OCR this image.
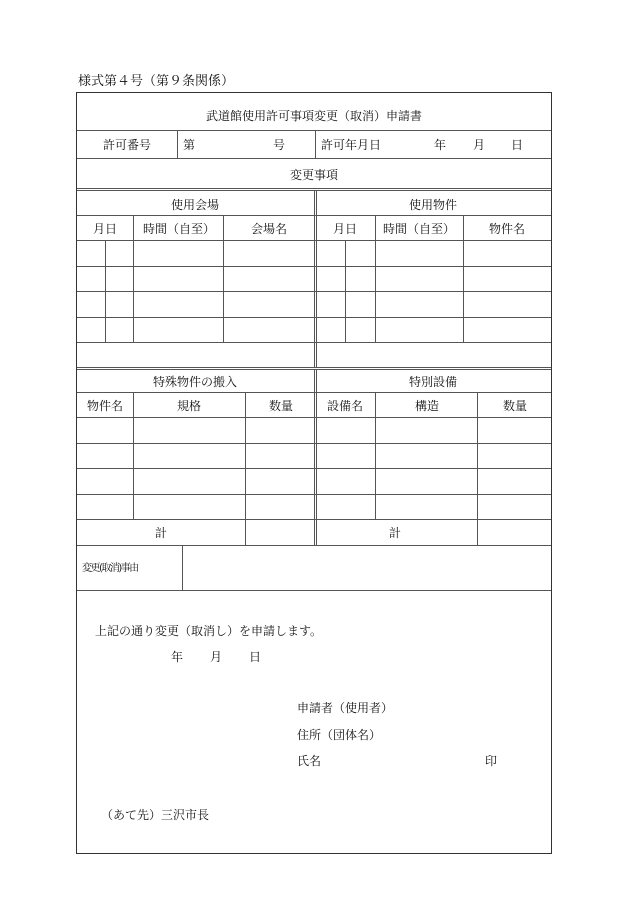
様式第４号（第９条関係）
武道館使用許可事項変更（取消）申請書
許可番号	第	号	許可年月日	年 月 日
変更事項
使用会場	使用物件
月日 時間（自至）	会場名	月日 時間（自至）	物件名
特殊物件の搬入	特別設備
物件名	規格	数量	設備名	構造	数量
計	計
変更(取消)事由
上記の通り変更（取消し）を申請します。
年 月 日
申請者（使用者）
住所（団体名）
氏名	印
（あて先）三沢市長
